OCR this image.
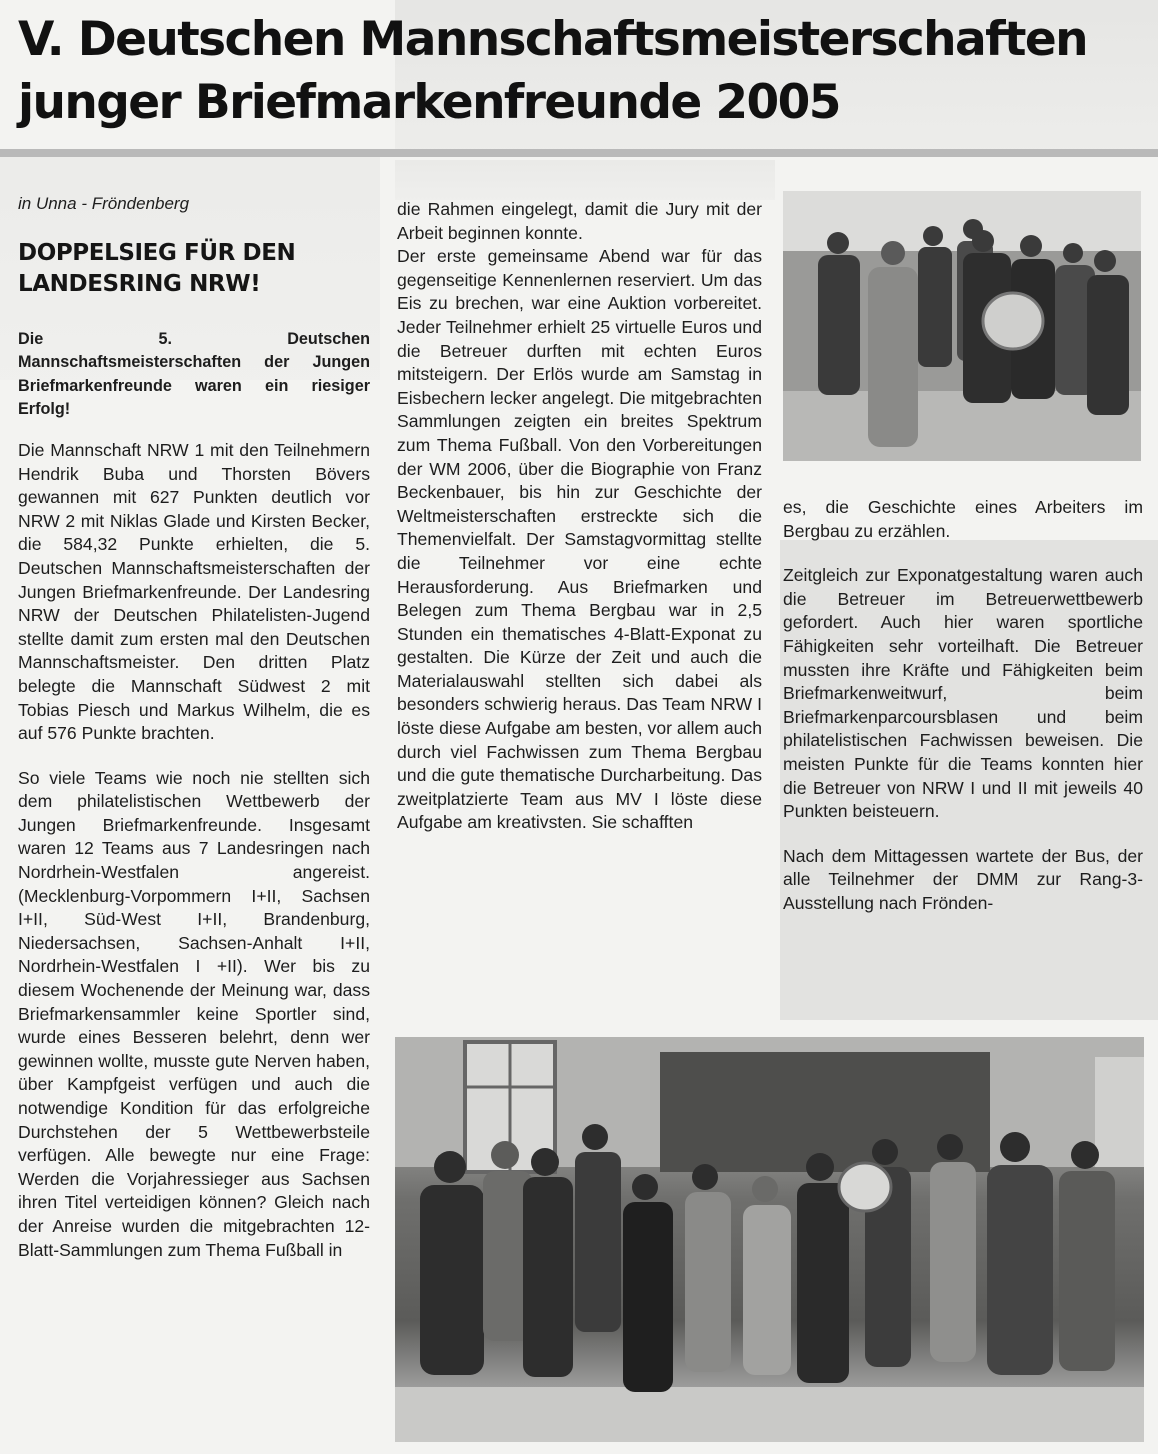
V. Deutschen Mannschaftsmeisterschaften
junger Briefmarkenfreunde 2005

in Unna - Fröndenberg

DOPPELSIEG FÜR DEN
LANDESRING NRW!

Die 5. Deutschen Mannschaftsmeisterschaften der Jungen Briefmarkenfreunde waren ein riesiger Erfolg!

Die Mannschaft NRW 1 mit den Teilnehmern Hendrik Buba und Thorsten Bövers gewannen mit 627 Punkten deutlich vor NRW 2 mit Niklas Glade und Kirsten Becker, die 584,32 Punkte erhielten, die 5. Deutschen Mannschaftsmeisterschaften der Jungen Briefmarkenfreunde. Der Landesring NRW der Deutschen Philatelisten-Jugend stellte damit zum ersten mal den Deutschen Mannschaftsmeister. Den dritten Platz belegte die Mannschaft Südwest 2 mit Tobias Piesch und Markus Wilhelm, die es auf 576 Punkte brachten.

So viele Teams wie noch nie stellten sich dem philatelistischen Wettbewerb der Jungen Briefmarkenfreunde. Insgesamt waren 12 Teams aus 7 Landesringen nach Nordrhein-Westfalen angereist. (Mecklenburg-Vorpommern I+II, Sachsen I+II, Süd-West I+II, Brandenburg, Niedersachsen, Sachsen-Anhalt I+II, Nordrhein-Westfalen I +II). Wer bis zu diesem Wochenende der Meinung war, dass Briefmarkensammler keine Sportler sind, wurde eines Besseren belehrt, denn wer gewinnen wollte, musste gute Nerven haben, über Kampfgeist verfügen und auch die notwendige Kondition für das erfolgreiche Durchstehen der 5 Wettbewerbsteile verfügen. Alle bewegte nur eine Frage: Werden die Vorjahressieger aus Sachsen ihren Titel verteidigen können? Gleich nach der Anreise wurden die mitgebrachten 12-Blatt-Sammlungen zum Thema Fußball in

die Rahmen eingelegt, damit die Jury mit der Arbeit beginnen konnte.

Der erste gemeinsame Abend war für das gegenseitige Kennenlernen reserviert. Um das Eis zu brechen, war eine Auktion vorbereitet. Jeder Teilnehmer erhielt 25 virtuelle Euros und die Betreuer durften mit echten Euros mitsteigern. Der Erlös wurde am Samstag in Eisbechern lecker angelegt. Die mitgebrachten Sammlungen zeigten ein breites Spektrum zum Thema Fußball. Von den Vorbereitungen der WM 2006, über die Biographie von Franz Beckenbauer, bis hin zur Geschichte der Weltmeisterschaften erstreckte sich die Themenvielfalt. Der Samstagvormittag stellte die Teilnehmer vor eine echte Herausforderung. Aus Briefmarken und Belegen zum Thema Bergbau war in 2,5 Stunden ein thematisches 4-Blatt-Exponat zu gestalten. Die Kürze der Zeit und auch die Materialauswahl stellten sich dabei als besonders schwierig heraus. Das Team NRW I löste diese Aufgabe am besten, vor allem auch durch viel Fachwissen zum Thema Bergbau und die gute thematische Durcharbeitung. Das zweitplatzierte Team aus MV I löste diese Aufgabe am kreativsten. Sie schafften

es, die Geschichte eines Arbeiters im Bergbau zu erzählen.

Zeitgleich zur Exponatgestaltung waren auch die Betreuer im Betreuerwettbewerb gefordert. Auch hier waren sportliche Fähigkeiten sehr vorteilhaft. Die Betreuer mussten ihre Kräfte und Fähigkeiten beim Briefmarkenweitwurf, beim Briefmarkenparcoursblasen und beim philatelistischen Fachwissen beweisen. Die meisten Punkte für die Teams konnten hier die Betreuer von NRW I und II mit jeweils 40 Punkten beisteuern.

Nach dem Mittagessen wartete der Bus, der alle Teilnehmer der DMM zur Rang-3-Ausstellung nach Frönden-
